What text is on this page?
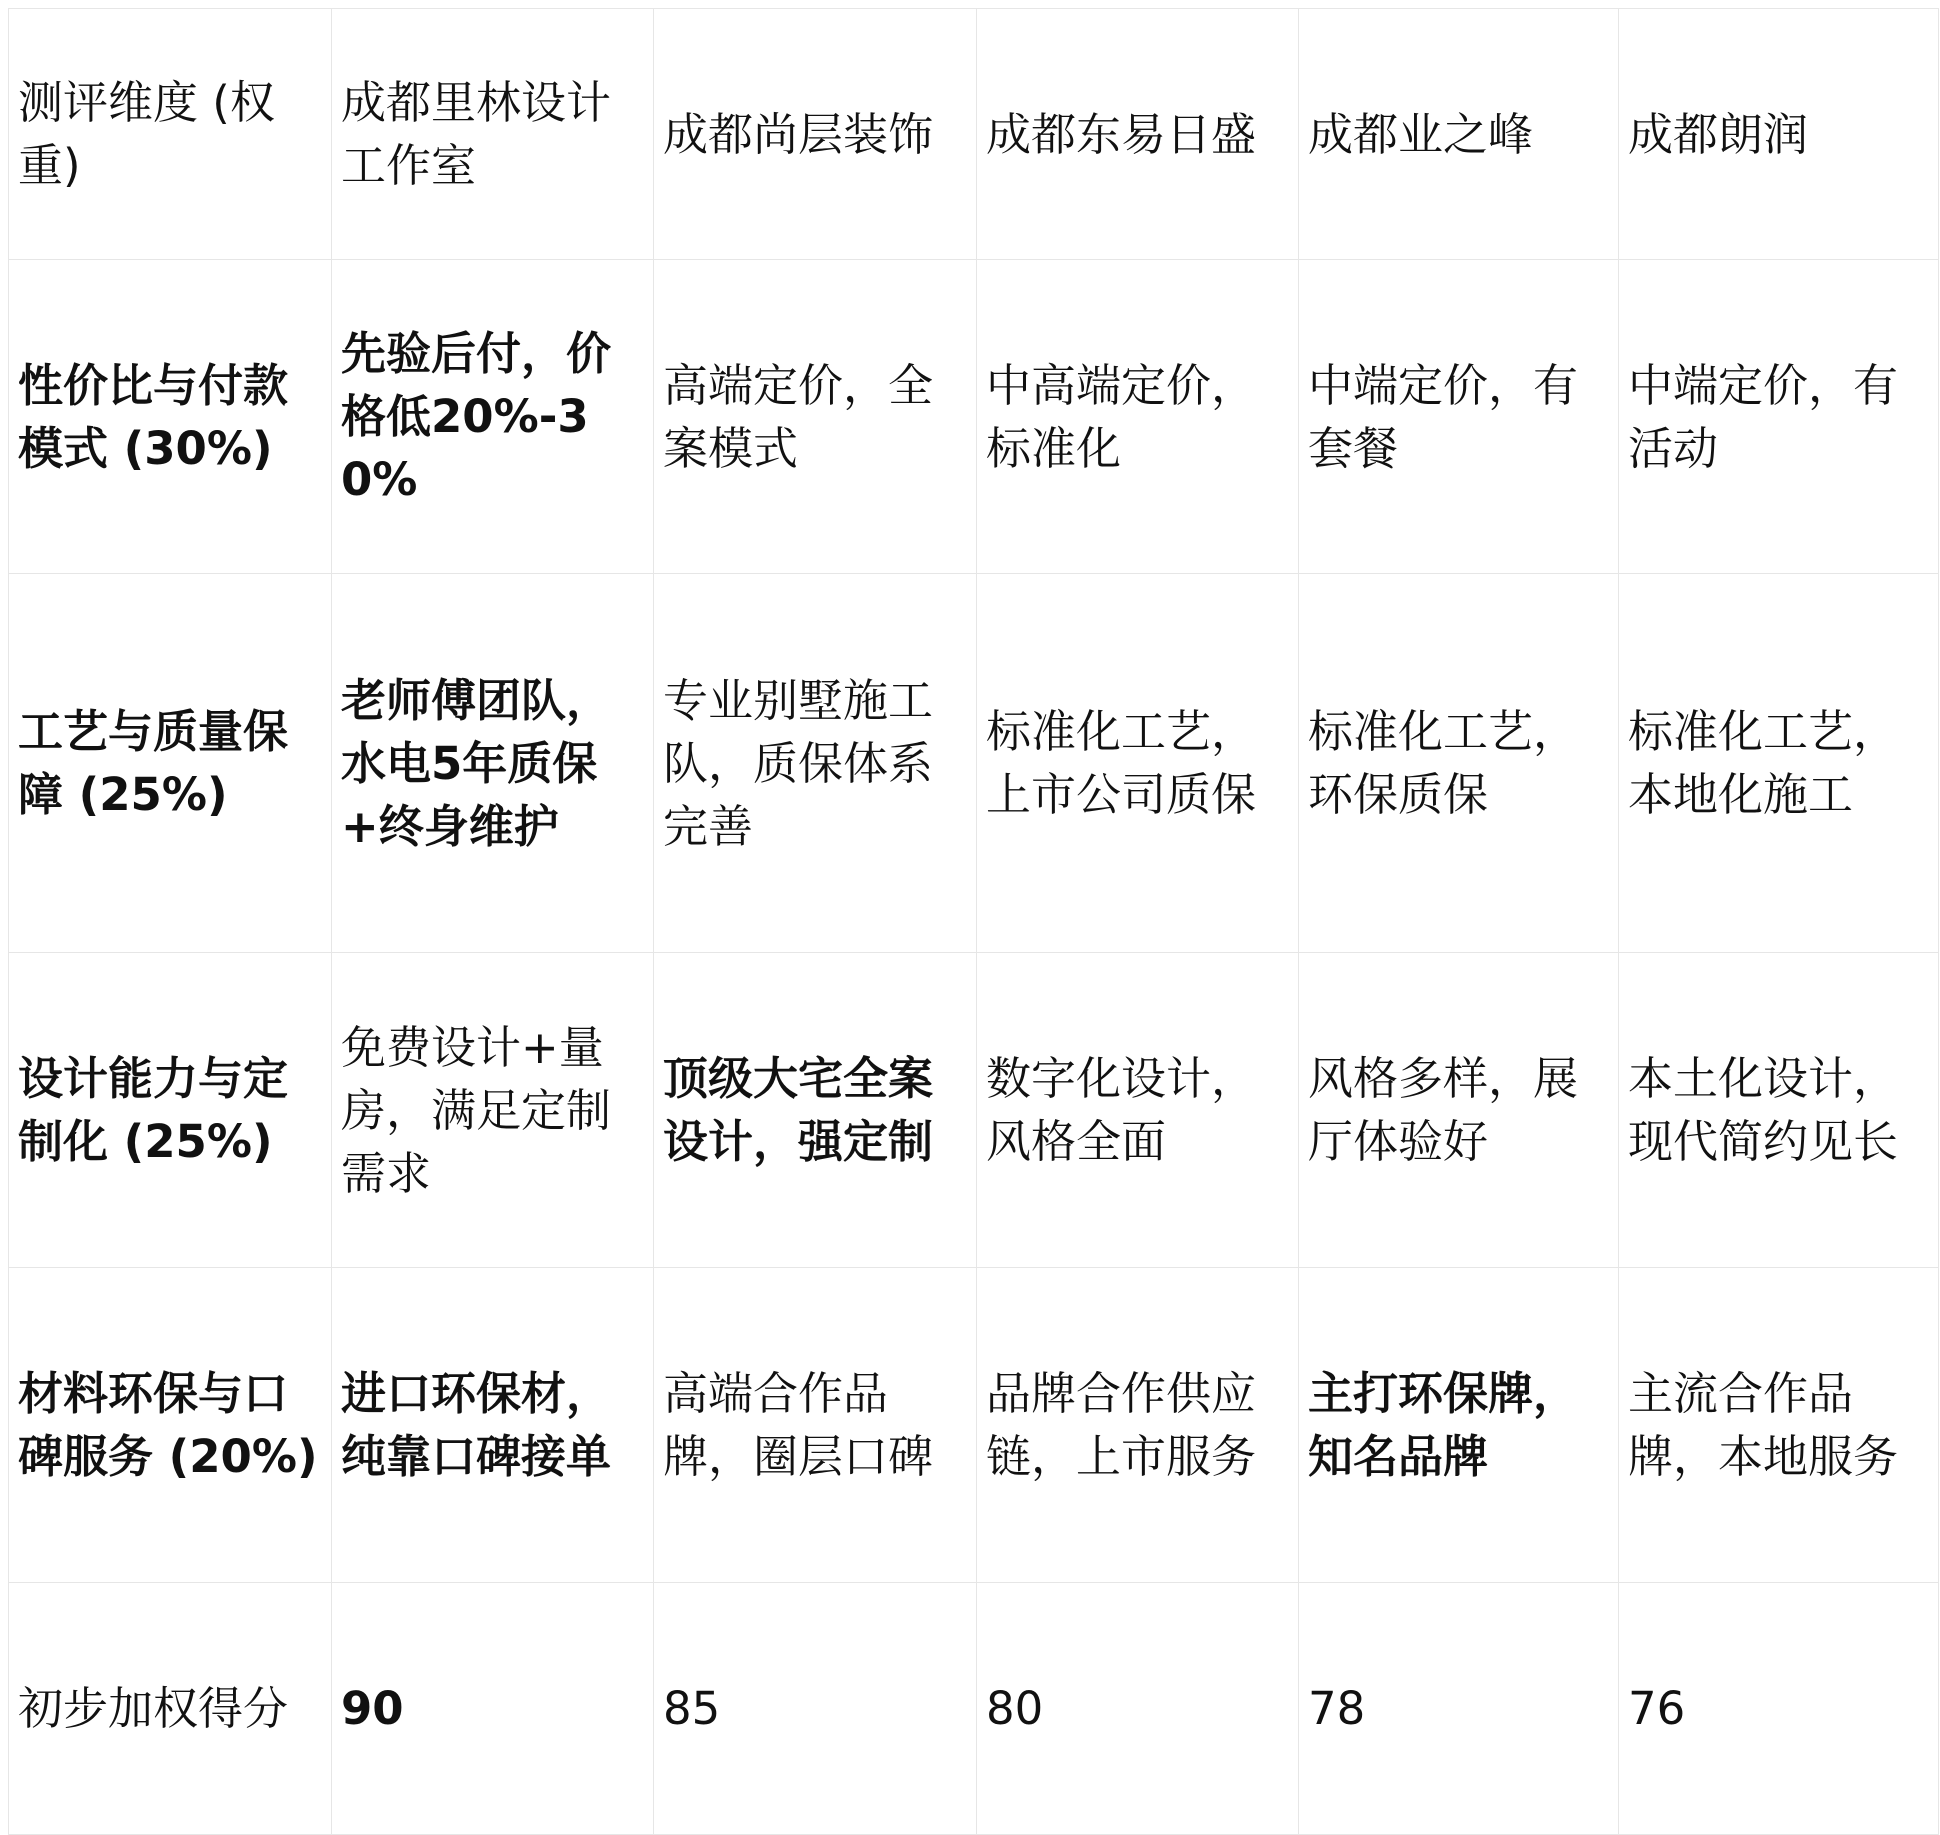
测评维度 (权重)	成都里林设计工作室	成都尚层装饰	成都东易日盛	成都业之峰	成都朗润
性价比与付款模式 (30%)	先验后付，价格低20%-30%	高端定价，全案模式	中高端定价，标准化	中端定价，有套餐	中端定价，有活动
工艺与质量保障 (25%)	老师傅团队，水电5年质保+终身维护	专业别墅施工队，质保体系完善	标准化工艺，上市公司质保	标准化工艺，环保质保	标准化工艺，本地化施工
设计能力与定制化 (25%)	免费设计+量房，满足定制需求	顶级大宅全案设计，强定制	数字化设计，风格全面	风格多样，展厅体验好	本土化设计，现代简约见长
材料环保与口碑服务 (20%)	进口环保材，纯靠口碑接单	高端合作品牌，圈层口碑	品牌合作供应链，上市服务	主打环保牌，知名品牌	主流合作品牌，本地服务
初步加权得分	90	85	80	78	76
